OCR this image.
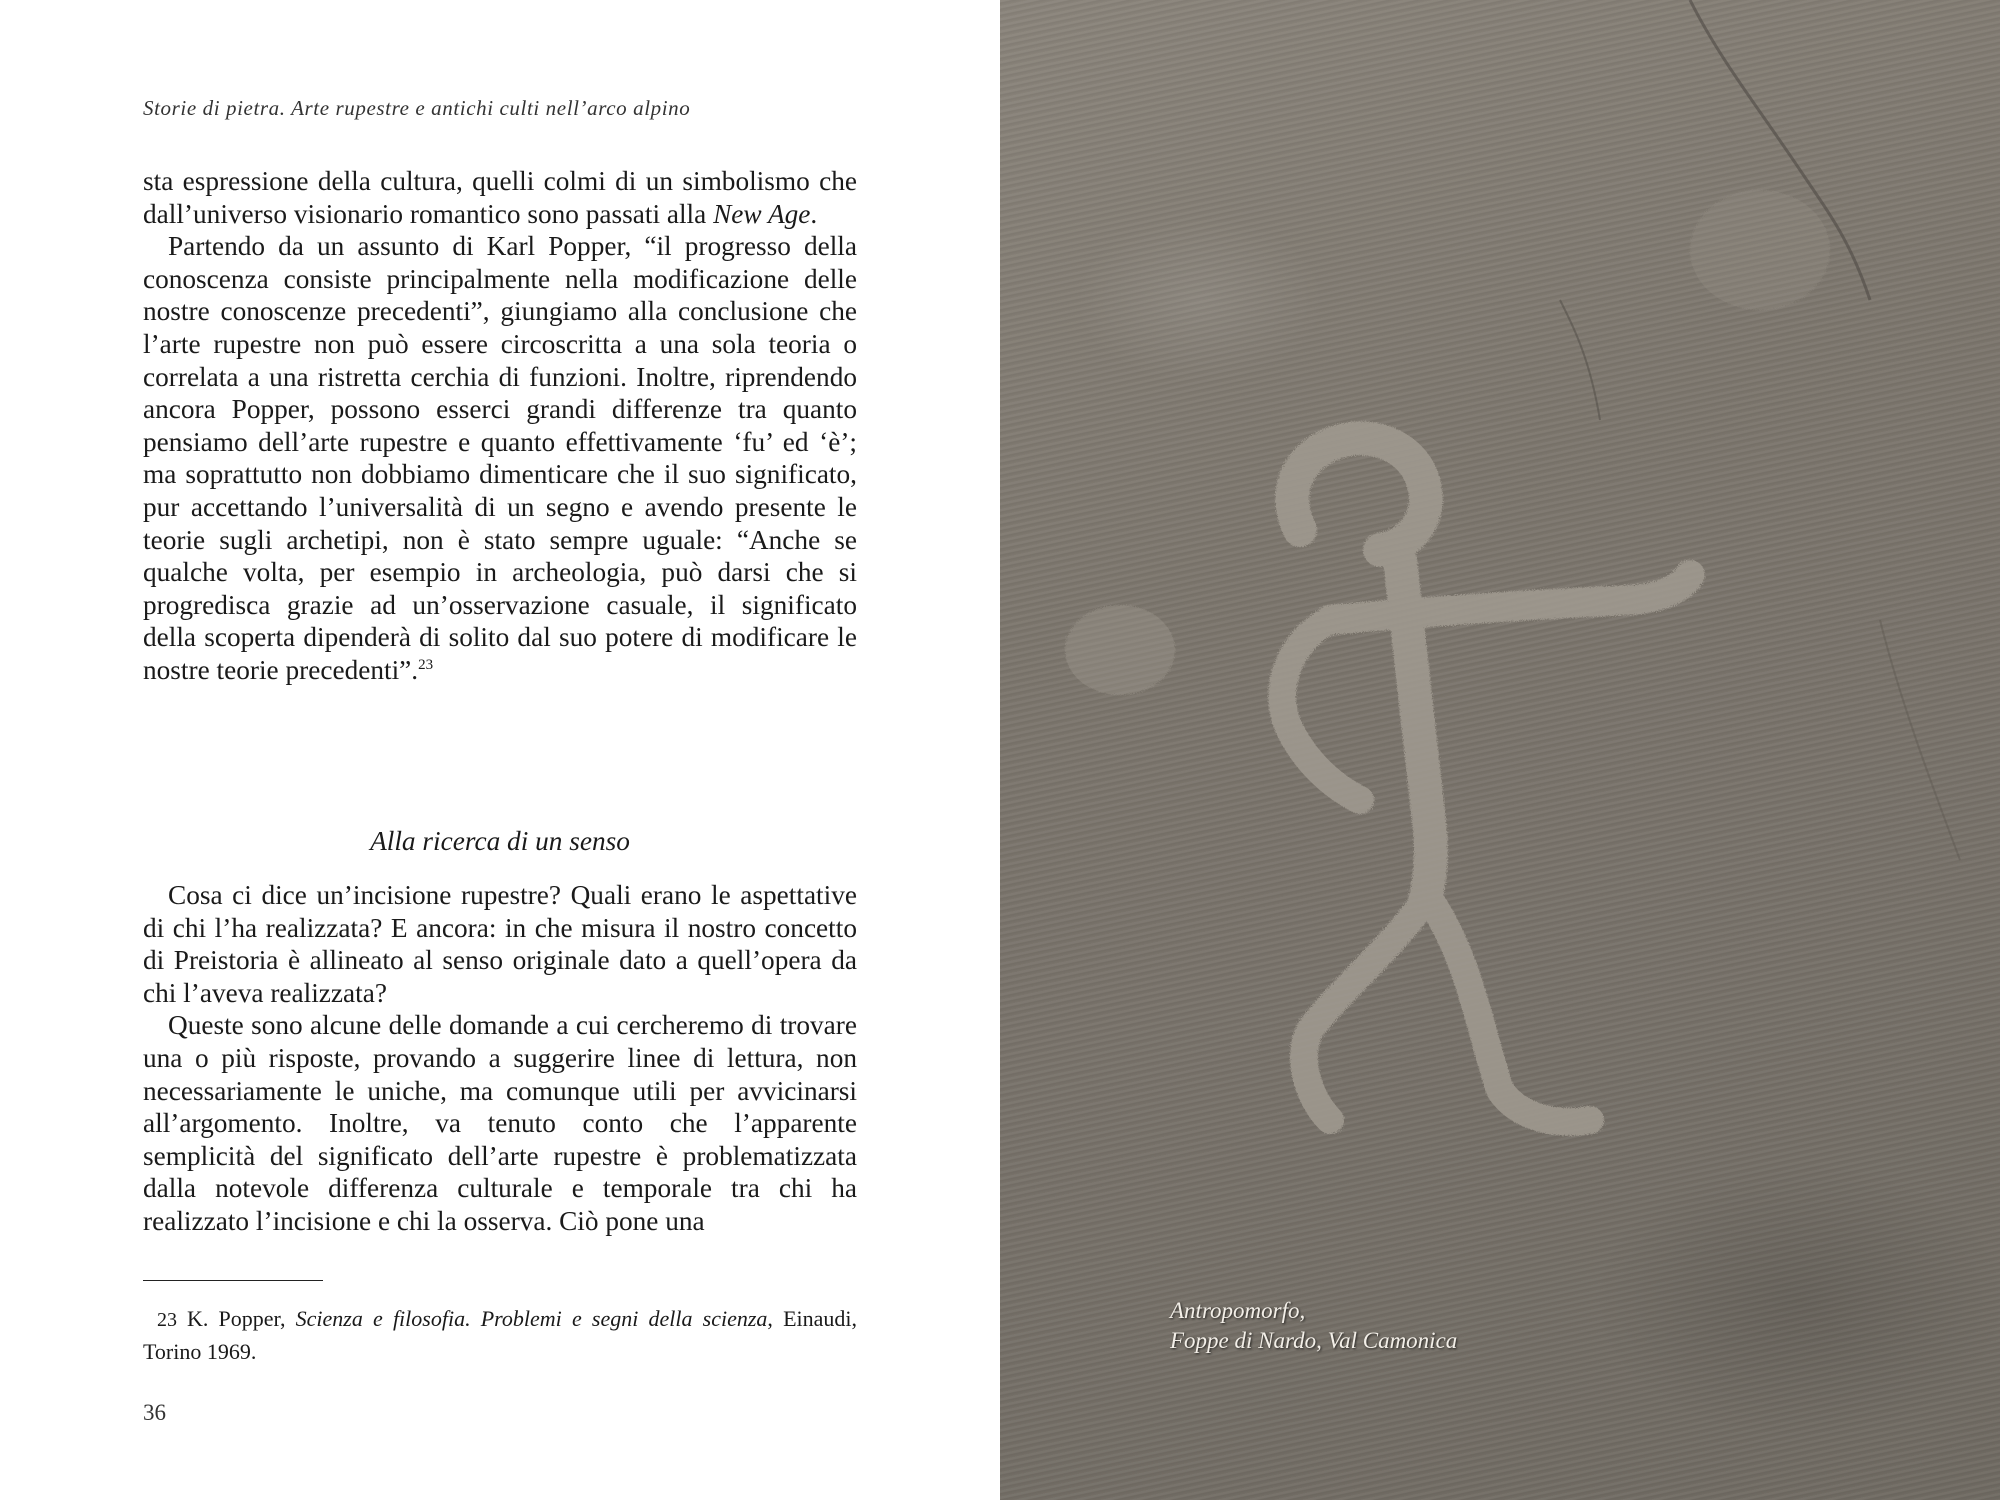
Storie di pietra. Arte rupestre e antichi culti nell’arco alpino

sta espressione della cultura, quelli colmi di un simbolismo che dall’universo visionario romantico sono passati alla New Age.

Partendo da un assunto di Karl Popper, “il progresso della conoscenza consiste principalmente nella modificazione delle nostre conoscenze precedenti”, giungiamo alla conclusione che l’arte rupestre non può essere circoscritta a una sola teoria o correlata a una ristretta cerchia di funzioni. Inoltre, riprendendo ancora Popper, possono esserci grandi differenze tra quanto pensiamo dell’arte rupestre e quanto effettivamente ‘fu’ ed ‘è’; ma soprattutto non dobbiamo dimenticare che il suo significato, pur accettando l’universalità di un segno e avendo presente le teorie sugli archetipi, non è stato sempre uguale: “Anche se qualche volta, per esempio in archeologia, può darsi che si progredisca grazie ad un’osservazione casuale, il significato della scoperta dipenderà di solito dal suo potere di modificare le nostre teorie precedenti”.$^{23}$

Alla ricerca di un senso

Cosa ci dice un’incisione rupestre? Quali erano le aspettative di chi l’ha realizzata? E ancora: in che misura il nostro concetto di Preistoria è allineato al senso originale dato a quell’opera da chi l’aveva realizzata?

Queste sono alcune delle domande a cui cercheremo di trovare una o più risposte, provando a suggerire linee di lettura, non necessariamente le uniche, ma comunque utili per avvicinarsi all’argomento. Inoltre, va tenuto conto che l’apparente semplicità del significato dell’arte rupestre è problematizzata dalla notevole differenza culturale e temporale tra chi ha realizzato l’incisione e chi la osserva. Ciò pone una

23 K. Popper, Scienza e filosofia. Problemi e segni della scienza, Einaudi, Torino 1969.
36
Antropomorfo,
Foppe di Nardo, Val Camonica
